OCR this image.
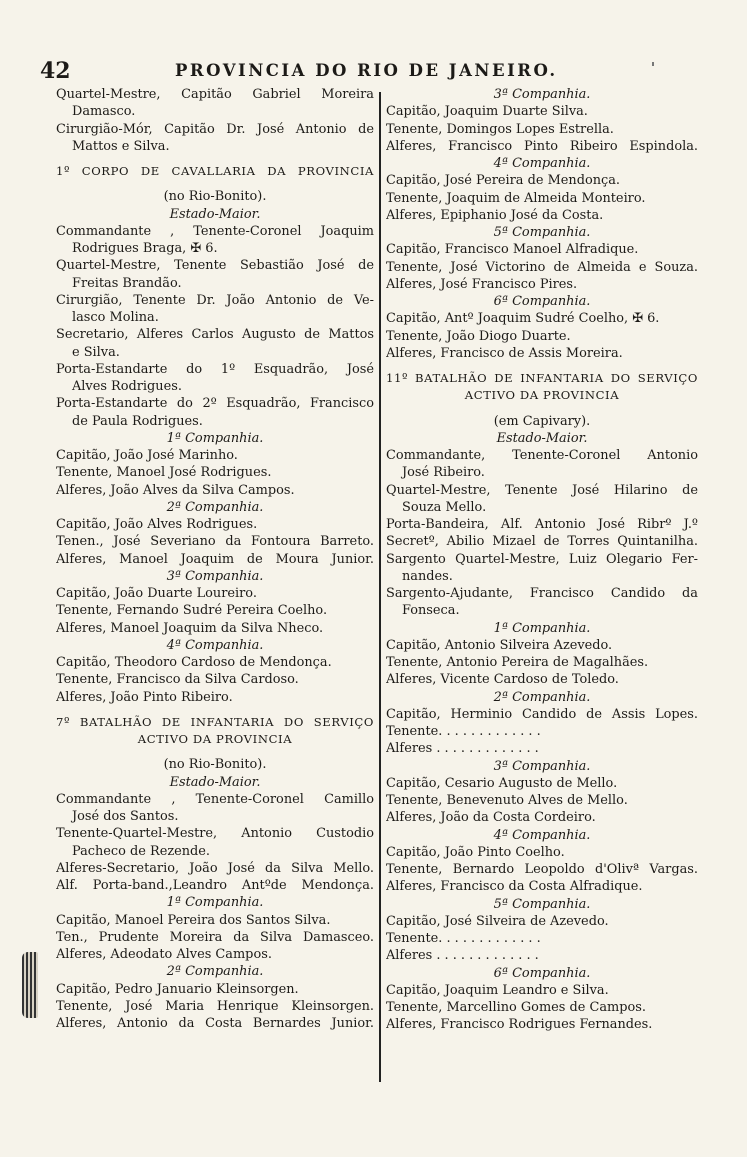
42	PROVINCIA DO RIO DE JANEIRO.
Quartel-Mestre, Capitão Gabriel Moreira
Damasco.
Cirurgião-Mór, Capitão Dr. José Antonio de
Mattos e Silva.
1º CORPO DE CAVALLARIA DA PROVINCIA
(no Rio-Bonito).
Estado-Maior.
Commandante , Tenente-Coronel Joaquim
Rodrigues Braga, ✠ 6.
Quartel-Mestre, Tenente Sebastião José de
Freitas Brandão.
Cirurgião, Tenente Dr. João Antonio de Ve-
lasco Molina.
Secretario, Alferes Carlos Augusto de Mattos
e Silva.
Porta-Estandarte do 1º Esquadrão, José
Alves Rodrigues.
Porta-Estandarte do 2º Esquadrão, Francisco
de Paula Rodrigues.
1ª Companhia.
Capitão, João José Marinho.
Tenente, Manoel José Rodrigues.
Alferes, João Alves da Silva Campos.
2ª Companhia.
Capitão, João Alves Rodrigues.
Tenen., José Severiano da Fontoura Barreto.
Alferes, Manoel Joaquim de Moura Junior.
3ª Companhia.
Capitão, João Duarte Loureiro.
Tenente, Fernando Sudré Pereira Coelho.
Alferes, Manoel Joaquim da Silva Nheco.
4ª Companhia.
Capitão, Theodoro Cardoso de Mendonça.
Tenente, Francisco da Silva Cardoso.
Alferes, João Pinto Ribeiro.
7º BATALHÃO DE INFANTARIA DO SERVIÇO
ACTIVO DA PROVINCIA
(no Rio-Bonito).
Estado-Maior.
Commandante , Tenente-Coronel Camillo
José dos Santos.
Tenente-Quartel-Mestre, Antonio Custodio
Pacheco de Rezende.
Alferes-Secretario, João José da Silva Mello.
Alf. Porta-band.,Leandro Antºde Mendonça.
1ª Companhia.
Capitão, Manoel Pereira dos Santos Silva.
Ten., Prudente Moreira da Silva Damasceo.
Alferes, Adeodato Alves Campos.
2ª Companhia.
Capitão, Pedro Januario Kleinsorgen.
Tenente, José Maria Henrique Kleinsorgen.
Alferes, Antonio da Costa Bernardes Junior.
3ª Companhia.
Capitão, Joaquim Duarte Silva.
Tenente, Domingos Lopes Estrella.
Alferes, Francisco Pinto Ribeiro Espindola.
4ª Companhia.
Capitão, José Pereira de Mendonça.
Tenente, Joaquim de Almeida Monteiro.
Alferes, Epiphanio José da Costa.
5ª Companhia.
Capitão, Francisco Manoel Alfradique.
Tenente, José Victorino de Almeida e Souza.
Alferes, José Francisco Pires.
6ª Companhia.
Capitão, Antº Joaquim Sudré Coelho, ✠ 6.
Tenente, João Diogo Duarte.
Alferes, Francisco de Assis Moreira.
11º BATALHÃO DE INFANTARIA DO SERVIÇO
ACTIVO DA PROVINCIA
(em Capivary).
Estado-Maior.
Commandante, Tenente-Coronel Antonio
José Ribeiro.
Quartel-Mestre, Tenente José Hilarino de
Souza Mello.
Porta-Bandeira, Alf. Antonio José Ribrº J.º
Secretº, Abilio Mizael de Torres Quintanilha.
Sargento Quartel-Mestre, Luiz Olegario Fer-
nandes.
Sargento-Ajudante, Francisco Candido da
Fonseca.
1ª Companhia.
Capitão, Antonio Silveira Azevedo.
Tenente, Antonio Pereira de Magalhães.
Alferes, Vicente Cardoso de Toledo.
2ª Companhia.
Capitão, Herminio Candido de Assis Lopes.
Tenente. . . . . . . . . . . . .
Alferes . . . . . . . . . . . . .
3ª Companhia.
Capitão, Cesario Augusto de Mello.
Tenente, Benevenuto Alves de Mello.
Alferes, João da Costa Cordeiro.
4ª Companhia.
Capitão, João Pinto Coelho.
Tenente, Bernardo Leopoldo d'Olivª Vargas.
Alferes, Francisco da Costa Alfradique.
5ª Companhia.
Capitão, José Silveira de Azevedo.
Tenente. . . . . . . . . . . . .
Alferes . . . . . . . . . . . . .
6ª Companhia.
Capitão, Joaquim Leandro e Silva.
Tenente, Marcellino Gomes de Campos.
Alferes, Francisco Rodrigues Fernandes.
